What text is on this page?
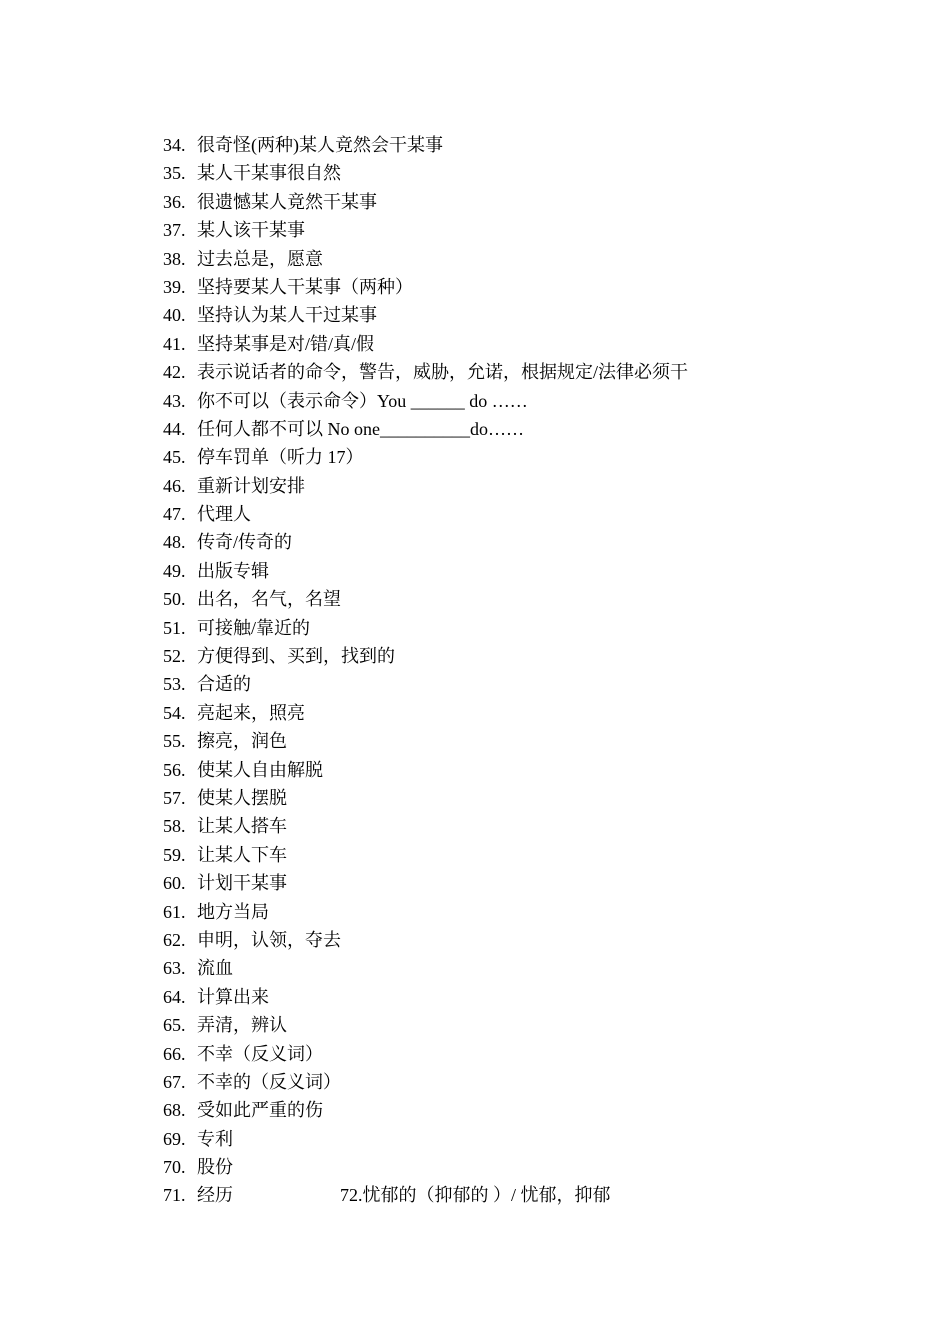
34. 很奇怪(两种)某人竟然会干某事
35. 某人干某事很自然
36. 很遗憾某人竟然干某事
37. 某人该干某事
38. 过去总是，愿意
39. 坚持要某人干某事（两种）
40. 坚持认为某人干过某事
41. 坚持某事是对/错/真/假
42. 表示说话者的命令，警告，威胁，允诺，根据规定/法律必须干
43. 你不可以（表示命令）You ______ do ……
44. 任何人都不可以 No one__________do……
45. 停车罚单（听力 17）
46. 重新计划安排
47. 代理人
48. 传奇/传奇的
49. 出版专辑
50. 出名，名气，名望
51. 可接触/靠近的
52. 方便得到、买到，找到的
53. 合适的
54. 亮起来，照亮
55. 擦亮，润色
56. 使某人自由解脱
57. 使某人摆脱
58. 让某人搭车
59. 让某人下车
60. 计划干某事
61. 地方当局
62. 申明，认领，夺去
63. 流血
64. 计算出来
65. 弄清，辨认
66. 不幸（反义词）
67. 不幸的（反义词）
68. 受如此严重的伤
69. 专利
70. 股份
71. 经历	72.忧郁的（抑郁的 ）/ 忧郁，抑郁
